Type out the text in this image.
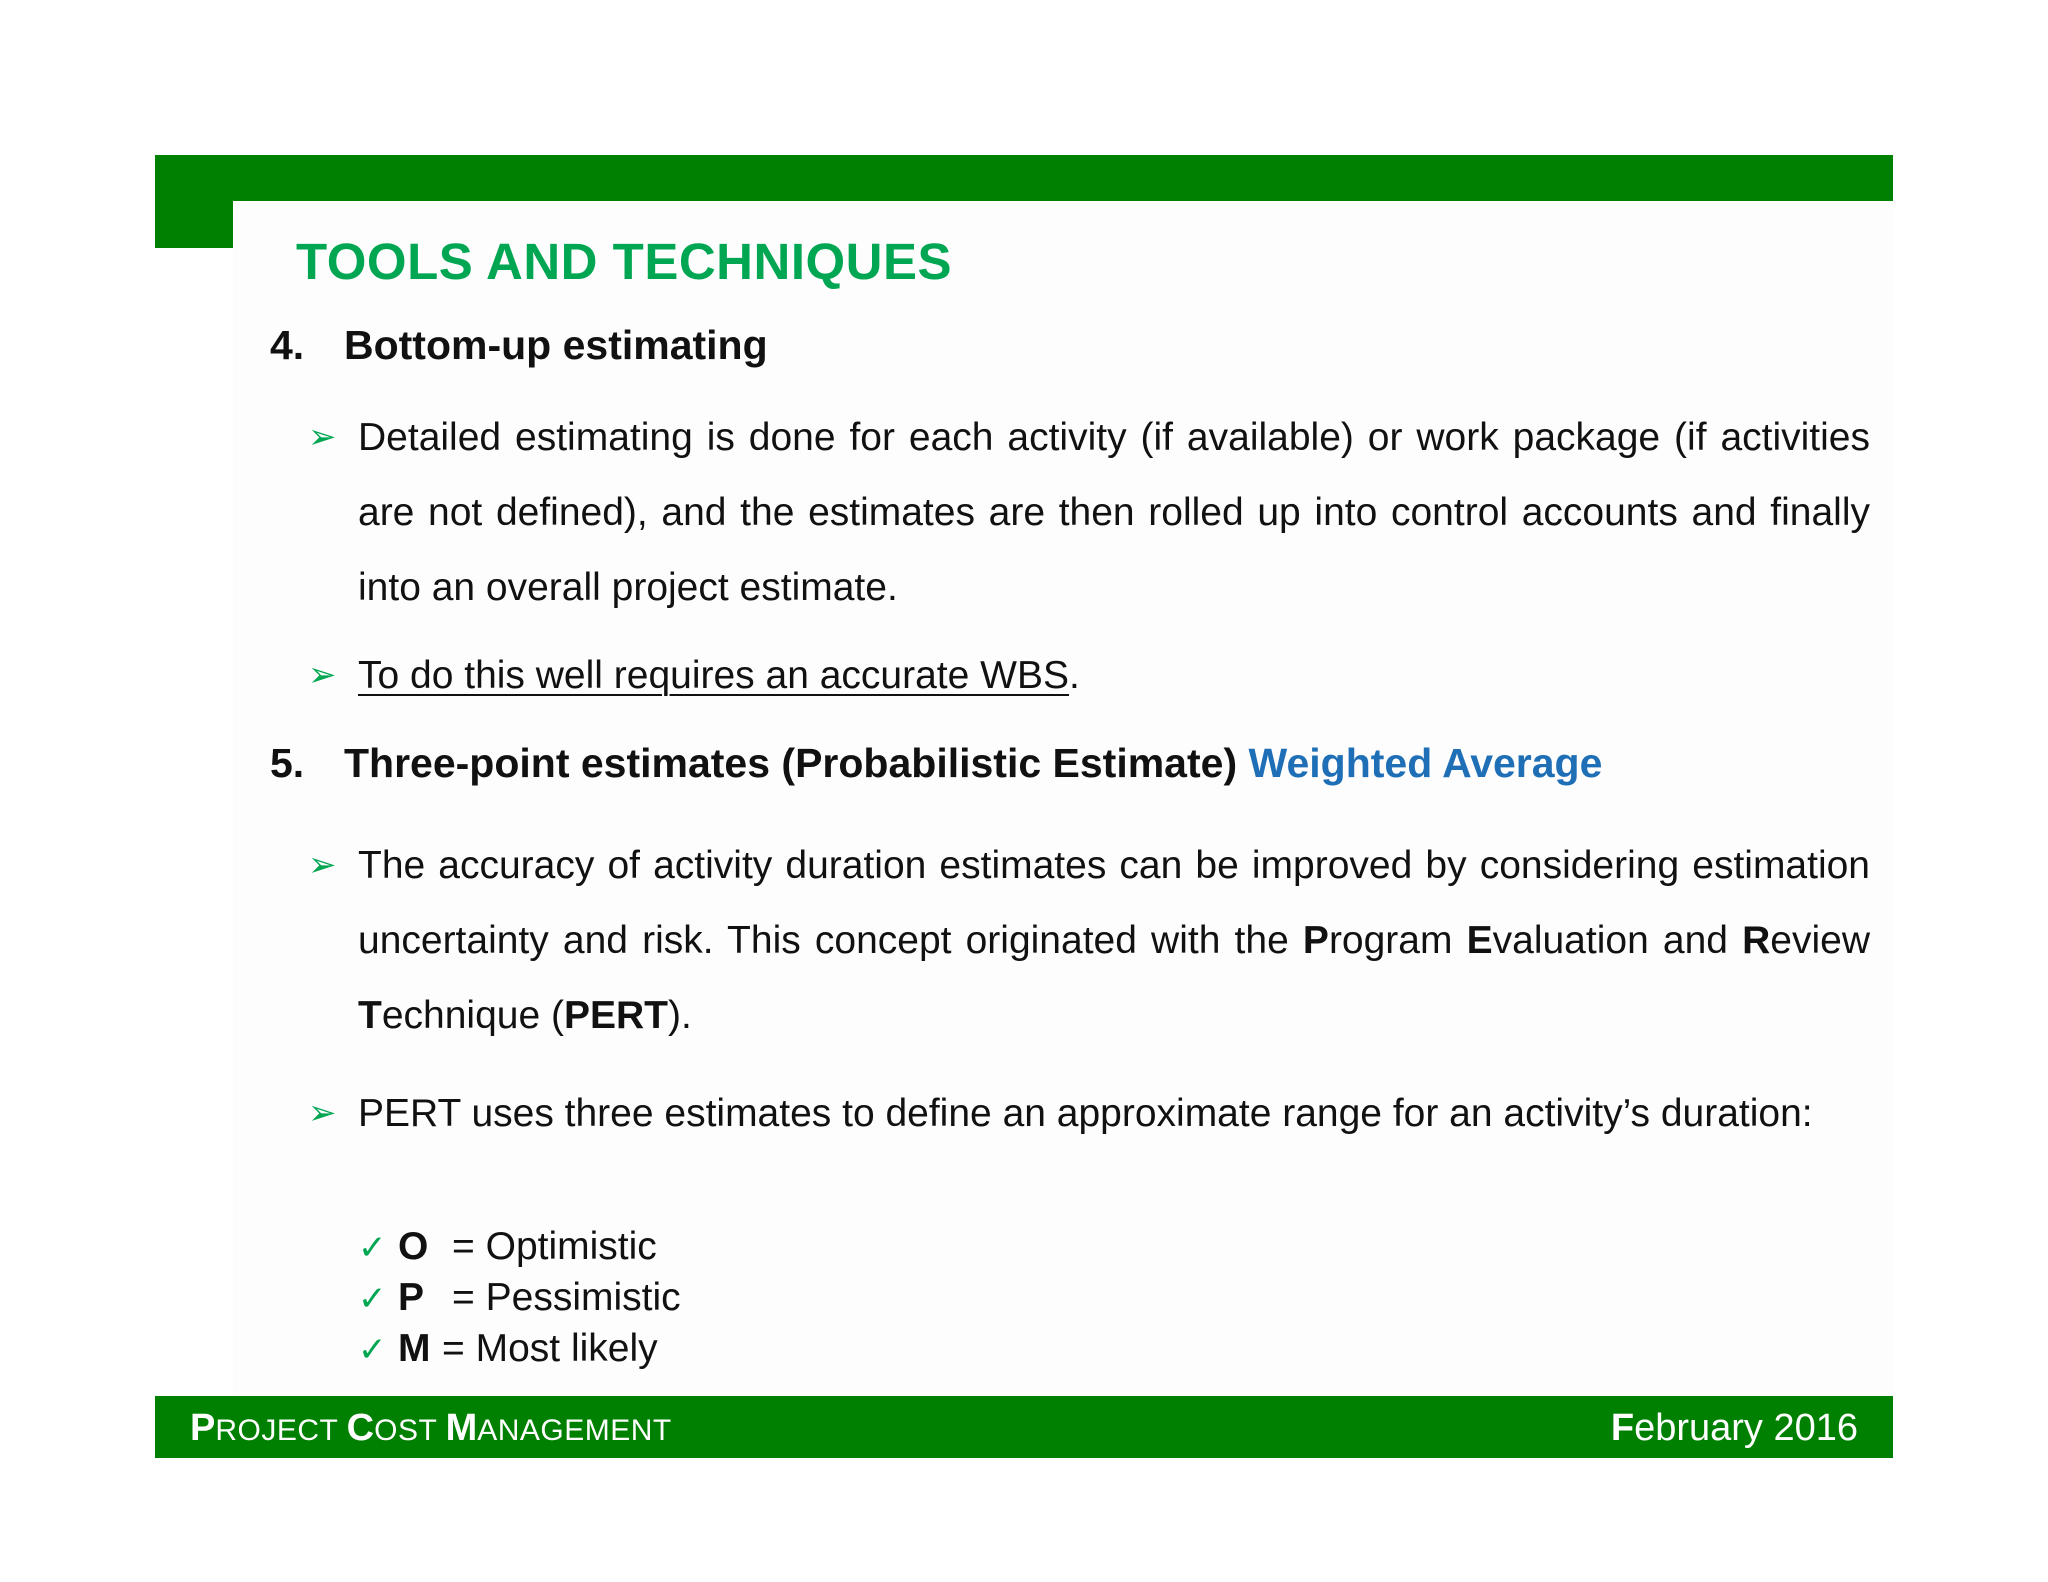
TOOLS AND TECHNIQUES
4. Bottom-up estimating

➢ Detailed estimating is done for each activity (if available) or work package (if activities are not defined), and the estimates are then rolled up into control accounts and finally into an overall project estimate.

➢ To do this well requires an accurate WBS.

5. Three-point estimates (Probabilistic Estimate) Weighted Average

➢ The accuracy of activity duration estimates can be improved by considering estimation uncertainty and risk. This concept originated with the Program Evaluation and Review Technique (PERT).

➢ PERT uses three estimates to define an approximate range for an activity’s duration:

✓ O = Optimistic
✓ P = Pessimistic
✓ M = Most likely

PROJECT COST MANAGEMENT	February 2016
